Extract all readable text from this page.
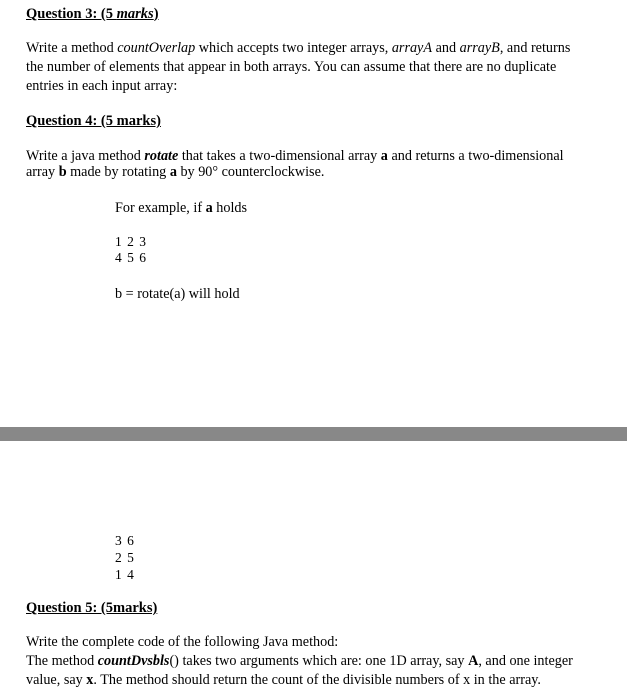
Question 3: (5 marks)
Write a method countOverlap which accepts two integer arrays, arrayA and arrayB, and returns
the number of elements that appear in both arrays. You can assume that there are no duplicate
entries in each input array:
Question 4: (5 marks)
Write a java method rotate that takes a two-dimensional array a and returns a two-dimensional
array b made by rotating a by 90° counterclockwise.
For example, if a holds
1 2 3
4 5 6
b = rotate(a) will hold
3 6
2 5
1 4
Question 5: (5marks)
Write the complete code of the following Java method:
The method countDvsbls() takes two arguments which are: one 1D array, say A, and one integer
value, say x. The method should return the count of the divisible numbers of x in the array.
